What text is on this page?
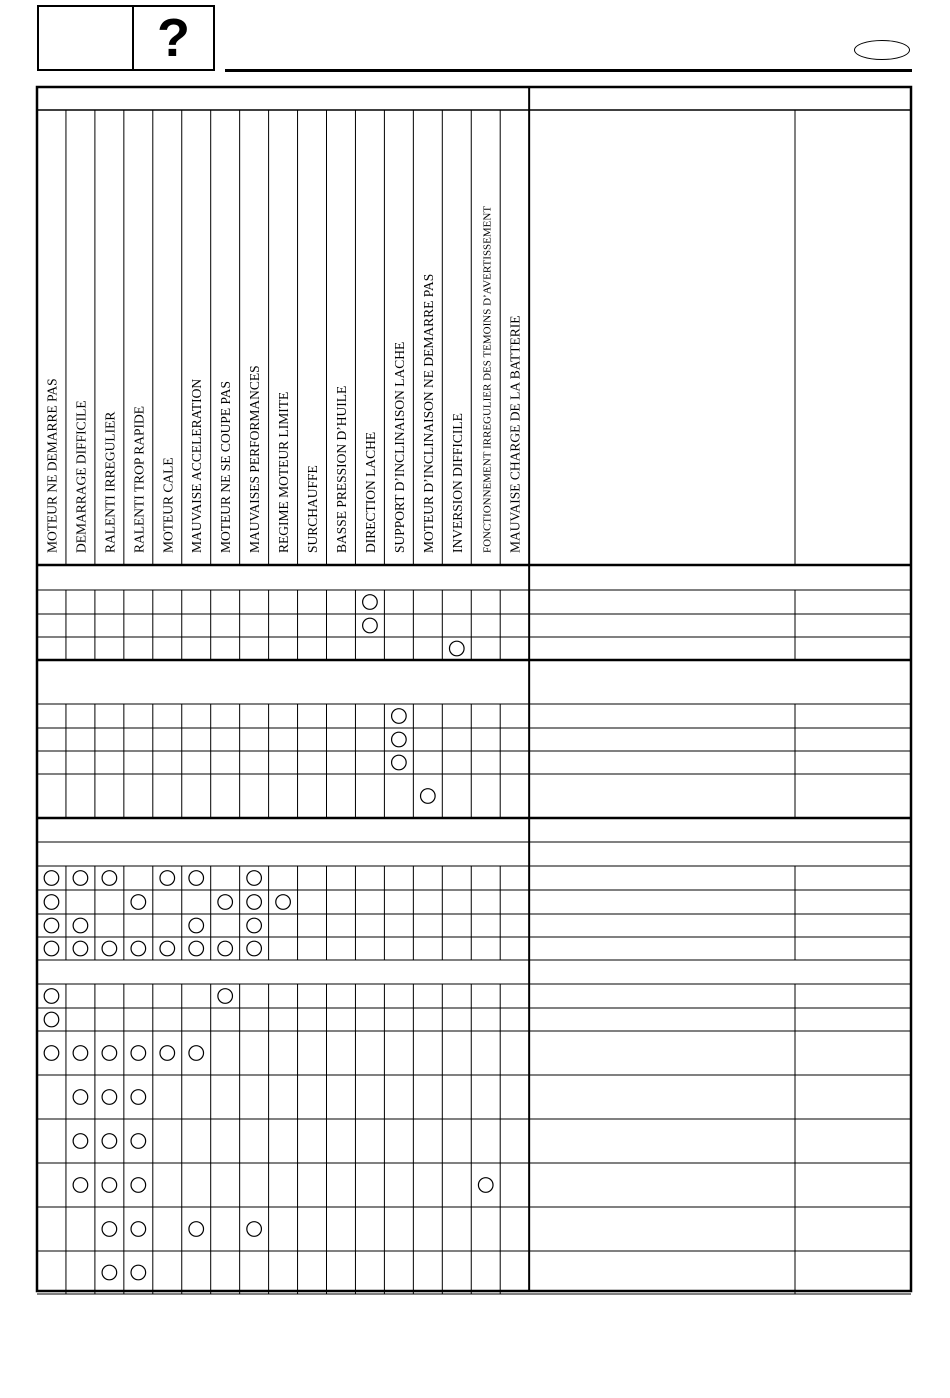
?
MOTEUR NE DEMARRE PAS DEMARRAGE DIFFICILE RALENTI IRREGULIER RALENTI TROP RAPIDE MOTEUR CALE MAUVAISE ACCELERATION MOTEUR NE SE COUPE PAS MAUVAISES PERFORMANCES REGIME MOTEUR LIMITE SURCHAUFFE BASSE PRESSION D’HUILE DIRECTION LACHE SUPPORT D’INCLINAISON LACHE MOTEUR D’INCLINAISON NE DEMARRE PAS INVERSION DIFFICILE FONCTIONNEMENT IRREGULIER DES TEMOINS D’AVERTISSEMENT MAUVAISE CHARGE DE LA BATTERIE
